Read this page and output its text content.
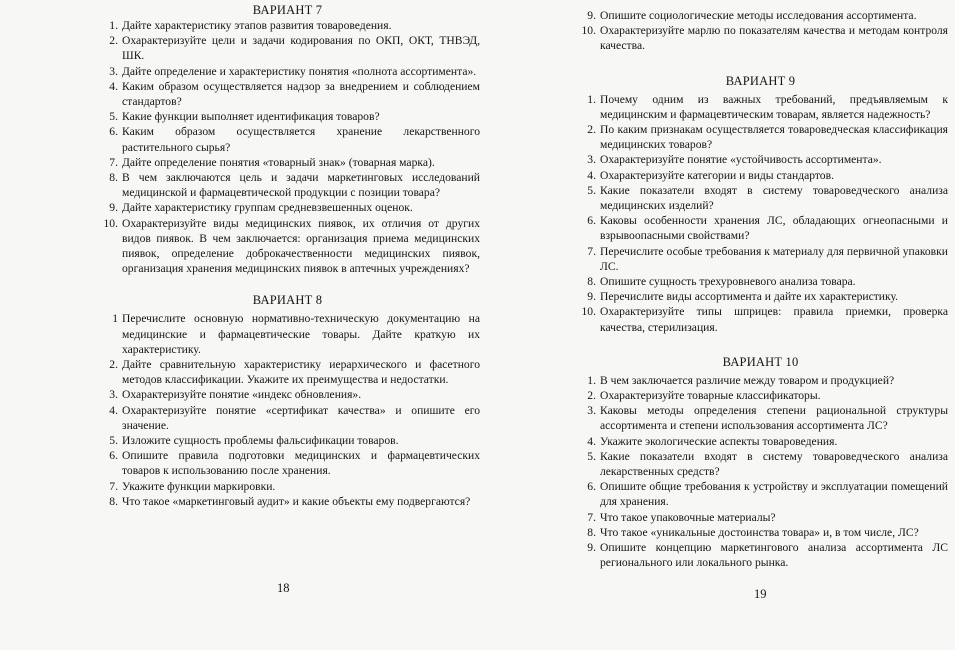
ВАРИАНТ 7
1. Дайте характеристику этапов развития товароведения.
2. Охарактеризуйте цели и задачи кодирования по ОКП, ОКТ, ТНВЭД, ШК.
3. Дайте определение и характеристику понятия «полнота ассортимента».
4. Каким образом осуществляется надзор за внедрением и соблюдением стандартов?
5. Какие функции выполняет идентификация товаров?
6. Каким образом осуществляется хранение лекарственного растительного сырья?
7. Дайте определение понятия «товарный знак» (товарная марка).
8. В чем заключаются цель и задачи маркетинговых исследований медицинской и фармацевтической продукции с позиции товара?
9. Дайте характеристику группам средневзвешенных оценок.
10. Охарактеризуйте виды медицинских пиявок, их отличия от других видов пиявок. В чем заключается: организация приема медицинских пиявок, определение доброкачественности медицинских пиявок, организация хранения медицинских пиявок в аптечных учреждениях?
ВАРИАНТ 8
1 Перечислите основную нормативно-техническую документацию на медицинские и фармацевтические товары. Дайте краткую их характеристику.
2. Дайте сравнительную характеристику иерархического и фасетного методов классификации. Укажите их преимущества и недостатки.
3. Охарактеризуйте понятие «индекс обновления».
4. Охарактеризуйте понятие «сертификат качества» и опишите его значение.
5. Изложите сущность проблемы фальсификации товаров.
6. Опишите правила подготовки медицинских и фармацевтических товаров к использованию после хранения.
7. Укажите функции маркировки.
8. Что такое «маркетинговый аудит» и какие объекты ему подвергаются?
18
9. Опишите социологические методы исследования ассортимента.
10. Охарактеризуйте марлю по показателям качества и методам контроля качества.
ВАРИАНТ 9
1. Почему одним из важных требований, предъявляемым к медицинским и фармацевтическим товарам, является надежность?
2. По каким признакам осуществляется товароведческая классификация медицинских товаров?
3. Охарактеризуйте понятие «устойчивость ассортимента».
4. Охарактеризуйте категории и виды стандартов.
5. Какие показатели входят в систему товароведческого анализа медицинских изделий?
6. Каковы особенности хранения ЛС, обладающих огнеопасными и взрывоопасными свойствами?
7. Перечислите особые требования к материалу для первичной упаковки ЛС.
8. Опишите сущность трехуровневого анализа товара.
9. Перечислите виды ассортимента и дайте их характеристику.
10. Охарактеризуйте типы шприцев: правила приемки, проверка качества, стерилизация.
ВАРИАНТ 10
1. В чем заключается различие между товаром и продукцией?
2. Охарактеризуйте товарные классификаторы.
3. Каковы методы определения степени рациональной структуры ассортимента и степени использования ассортимента ЛС?
4. Укажите экологические аспекты товароведения.
5. Какие показатели входят в систему товароведческого анализа лекарственных средств?
6. Опишите общие требования к устройству и эксплуатации помещений для хранения.
7. Что такое упаковочные материалы?
8. Что такое «уникальные достоинства товара» и, в том числе, ЛС?
9. Опишите концепцию маркетингового анализа ассортимента ЛС регионального или локального рынка.
19
